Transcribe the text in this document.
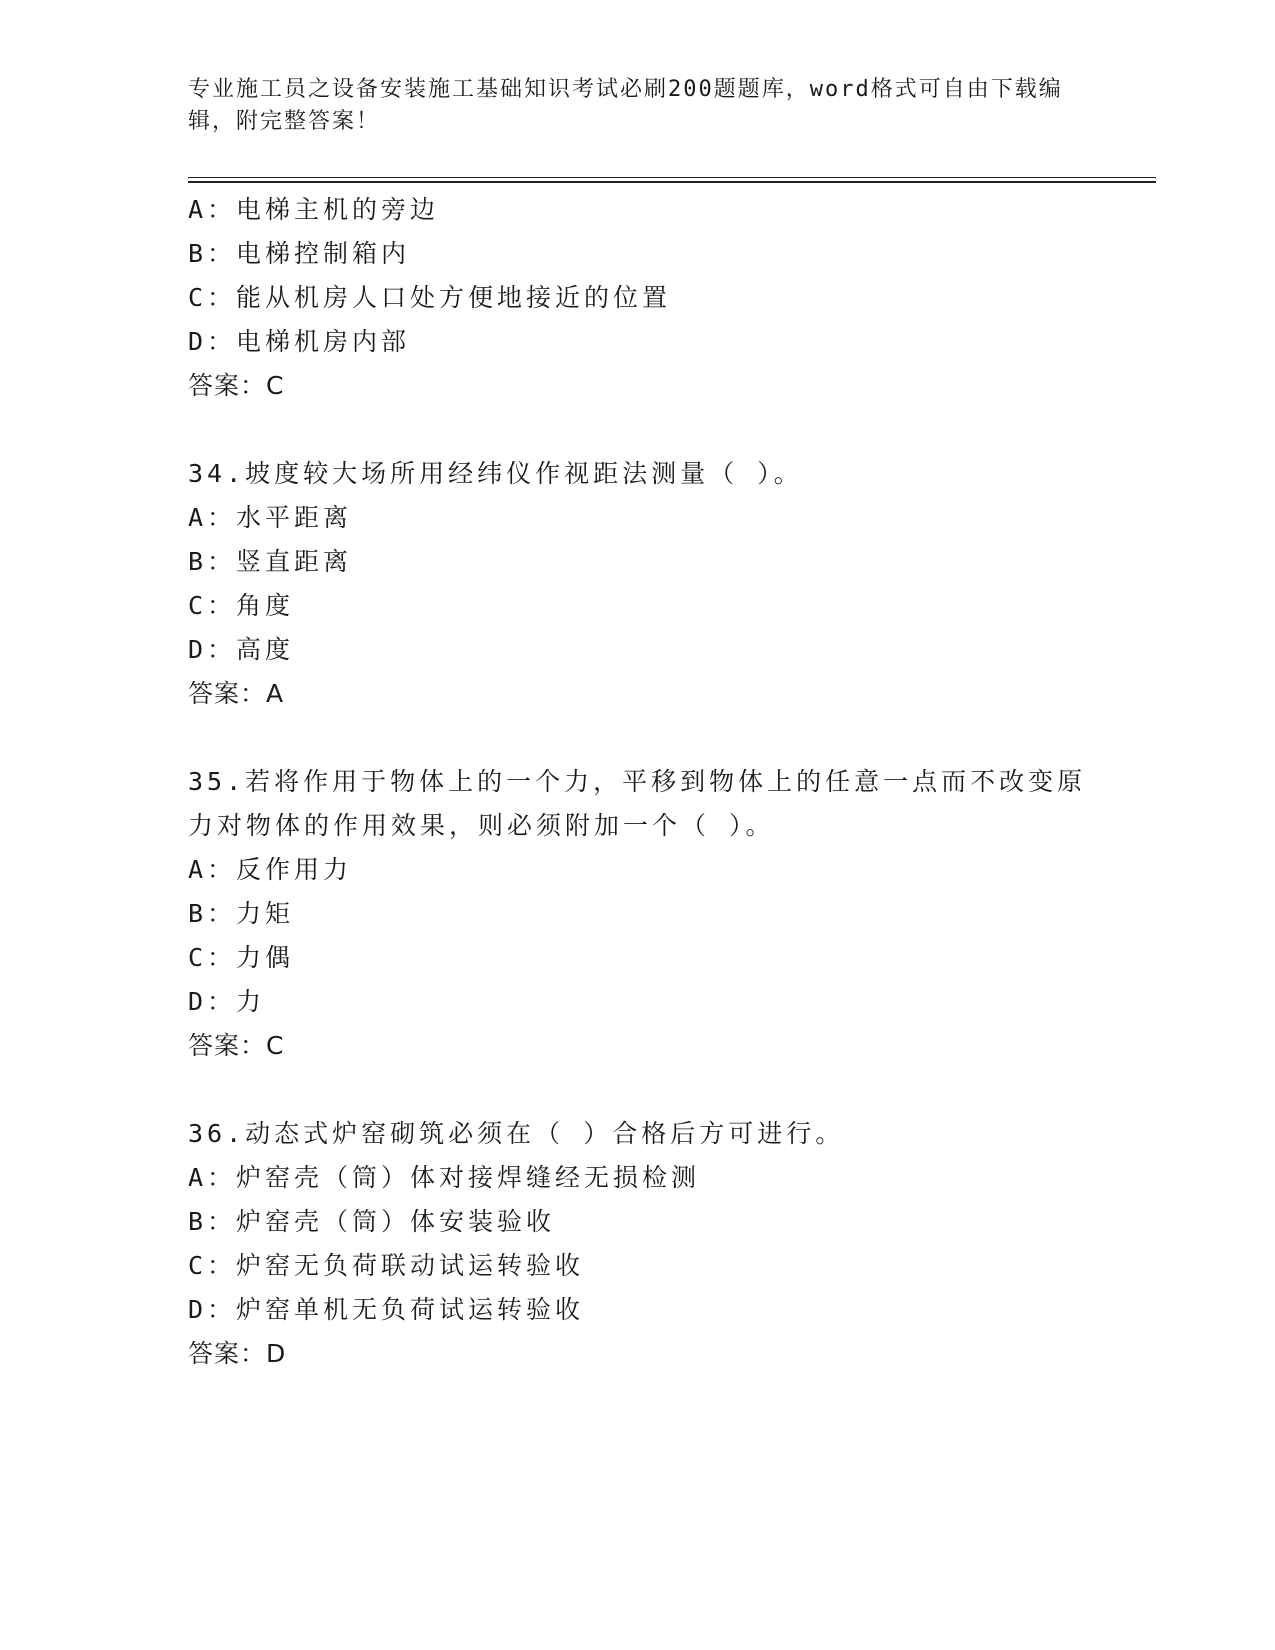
专业施工员之设备安装施工基础知识考试必刷200题题库，word格式可自由下载编辑，附完整答案！
A：电梯主机的旁边
B：电梯控制箱内
C：能从机房人口处方便地接近的位置
D：电梯机房内部
答案：C
34.坡度较大场所用经纬仪作视距法测量（ ）。
A：水平距离
B：竖直距离
C：角度
D：高度
答案：A
35.若将作用于物体上的一个力，平移到物体上的任意一点而不改变原
力对物体的作用效果，则必须附加一个（ ）。
A：反作用力
B：力矩
C：力偶
D：力
答案：C
36.动态式炉窑砌筑必须在（ ）合格后方可进行。
A：炉窑壳（筒）体对接焊缝经无损检测
B：炉窑壳（筒）体安装验收
C：炉窑无负荷联动试运转验收
D：炉窑单机无负荷试运转验收
答案：D
